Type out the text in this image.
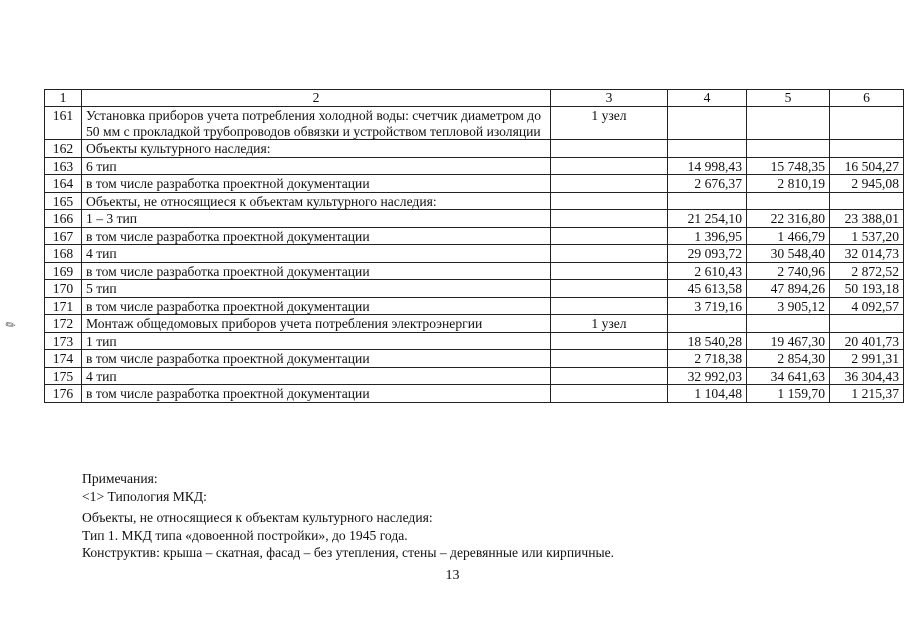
✎
1	2	3	4	5	6
161	Установка приборов учета потребления холодной воды: счетчик диаметром до 50 мм с прокладкой трубопроводов обвязки и устройством тепловой изоляции	1 узел			
162	Объекты культурного наследия:				
163	6 тип		14 998,43	15 748,35	16 504,27
164	в том числе разработка проектной документации		2 676,37	2 810,19	2 945,08
165	Объекты, не относящиеся к объектам культурного наследия:				
166	1 – 3 тип		21 254,10	22 316,80	23 388,01
167	в том числе разработка проектной документации		1 396,95	1 466,79	1 537,20
168	4 тип		29 093,72	30 548,40	32 014,73
169	в том числе разработка проектной документации		2 610,43	2 740,96	2 872,52
170	5 тип		45 613,58	47 894,26	50 193,18
171	в том числе разработка проектной документации		3 719,16	3 905,12	4 092,57
172	Монтаж общедомовых приборов учета потребления электроэнергии	1 узел			
173	1 тип		18 540,28	19 467,30	20 401,73
174	в том числе разработка проектной документации		2 718,38	2 854,30	2 991,31
175	4 тип		32 992,03	34 641,63	36 304,43
176	в том числе разработка проектной документации		1 104,48	1 159,70	1 215,37

Примечания:

<1> Типология МКД:

Объекты, не относящиеся к объектам культурного наследия:

Тип 1. МКД типа «довоенной постройки», до 1945 года.

Конструктив: крыша – скатная, фасад – без утепления, стены – деревянные или кирпичные.

13
